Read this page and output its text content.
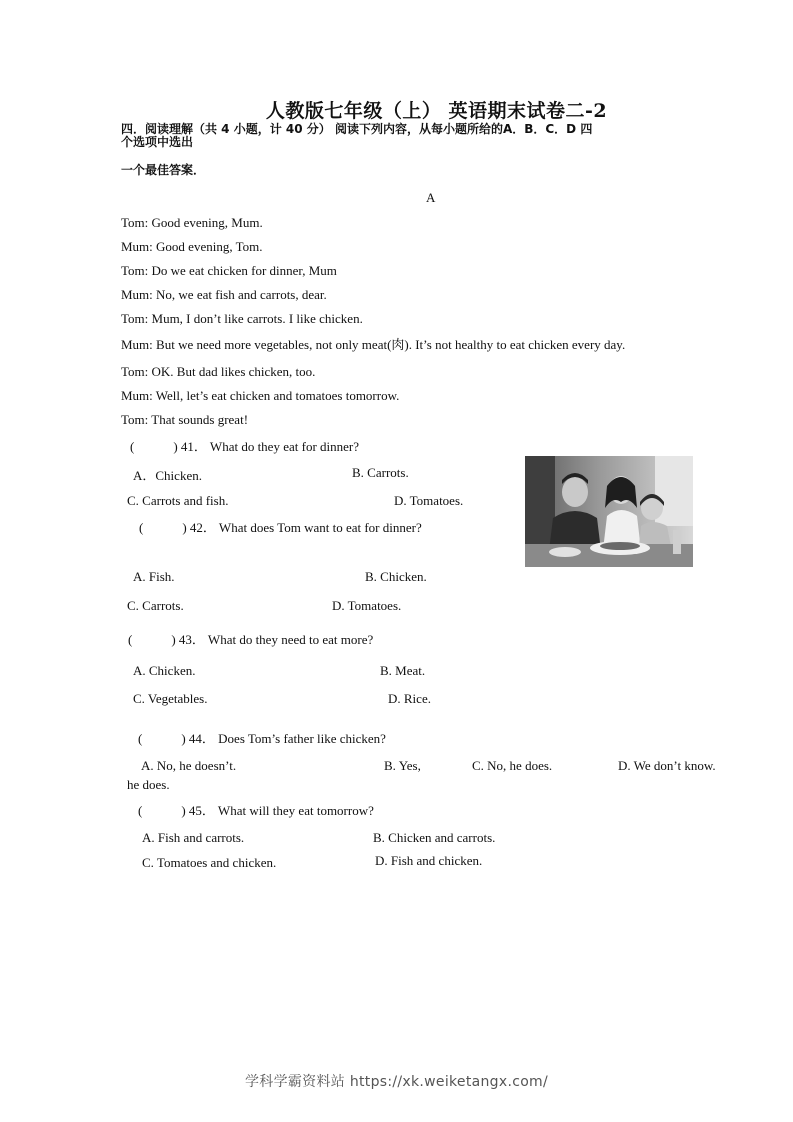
人教版七年级（上） 英语期末试卷二-2
四．阅读理解（共 4 小题，计 40 分） 阅读下列内容，从每小题所给的A．B．C．D 四
个选项中选出
一个最佳答案．
A
Tom: Good evening, Mum.
Mum: Good evening, Tom.
Tom: Do we eat chicken for dinner, Mum
Mum: No, we eat fish and carrots, dear.
Tom: Mum, I don’t like carrots. I like chicken.
Mum: But we need more vegetables, not only meat(肉). It’s not healthy to eat chicken every day.
Tom: OK. But dad likes chicken, too.
Mum: Well, let’s eat chicken and tomatoes tomorrow.
Tom: That sounds great!
(　　　) 41． What do they eat for dinner?
A．Chicken.	B. Carrots.
C. Carrots and fish.	D. Tomatoes.
(　　　) 42． What does Tom want to eat for dinner?
A. Fish.	B. Chicken.
C. Carrots.	D. Tomatoes.
(　　　) 43． What do they need to eat more?
A. Chicken.	B. Meat.
C. Vegetables.	D. Rice.
(　　　) 44． Does Tom’s father like chicken?
A. No, he doesn’t.	B. Yes,	C. No, he does.	D. We don’t know.
he does.
(　　　) 45． What will they eat tomorrow?
A. Fish and carrots.	B. Chicken and carrots.
C. Tomatoes and chicken.	D. Fish and chicken.
学科学霸资料站 https://xk.weiketangx.com/
